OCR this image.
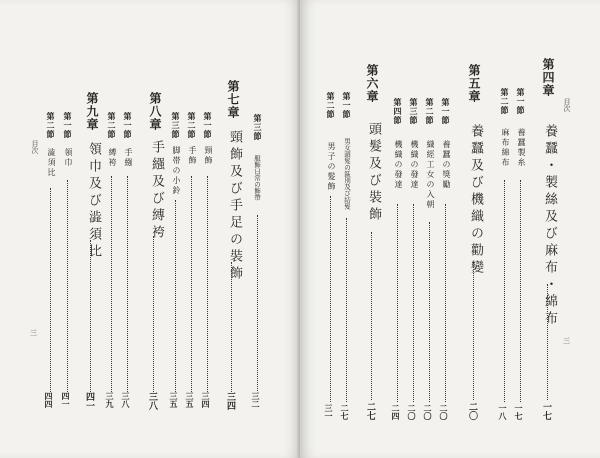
目次
三
第三節
服飾日常の飾帶
三二
第七章
頸飾及び手足の裝飾
三四
第一節
頸飾
三四
第二節
手飾
三五
第三節
脚帯の小鈴
三五
第八章
手繦及び縛袴
三八
第一節
手繦
三八
第二節
縛袴
三九
第九章
領巾及び澁須比
四一
第一節
領巾
四一
第二節
澁須比
四四
目次
三
第四章
養蠶・製絲及び麻布・綿布
一七
第一節
養蠶製糸
一七
第二節
麻布綿布
一八
第五章
養蠶及び機織の勸變
二〇
第一節
養蠶の獎勵
二〇
第二節
織經工女の入朝
二〇
第三節
機織の發達
二〇
第四節
機織の發達
二四
第六章
頭髮及び裝飾
二七
第一節
男女頭髮の區別及び結髮
二七
第二節
男子の髮飾
三一
